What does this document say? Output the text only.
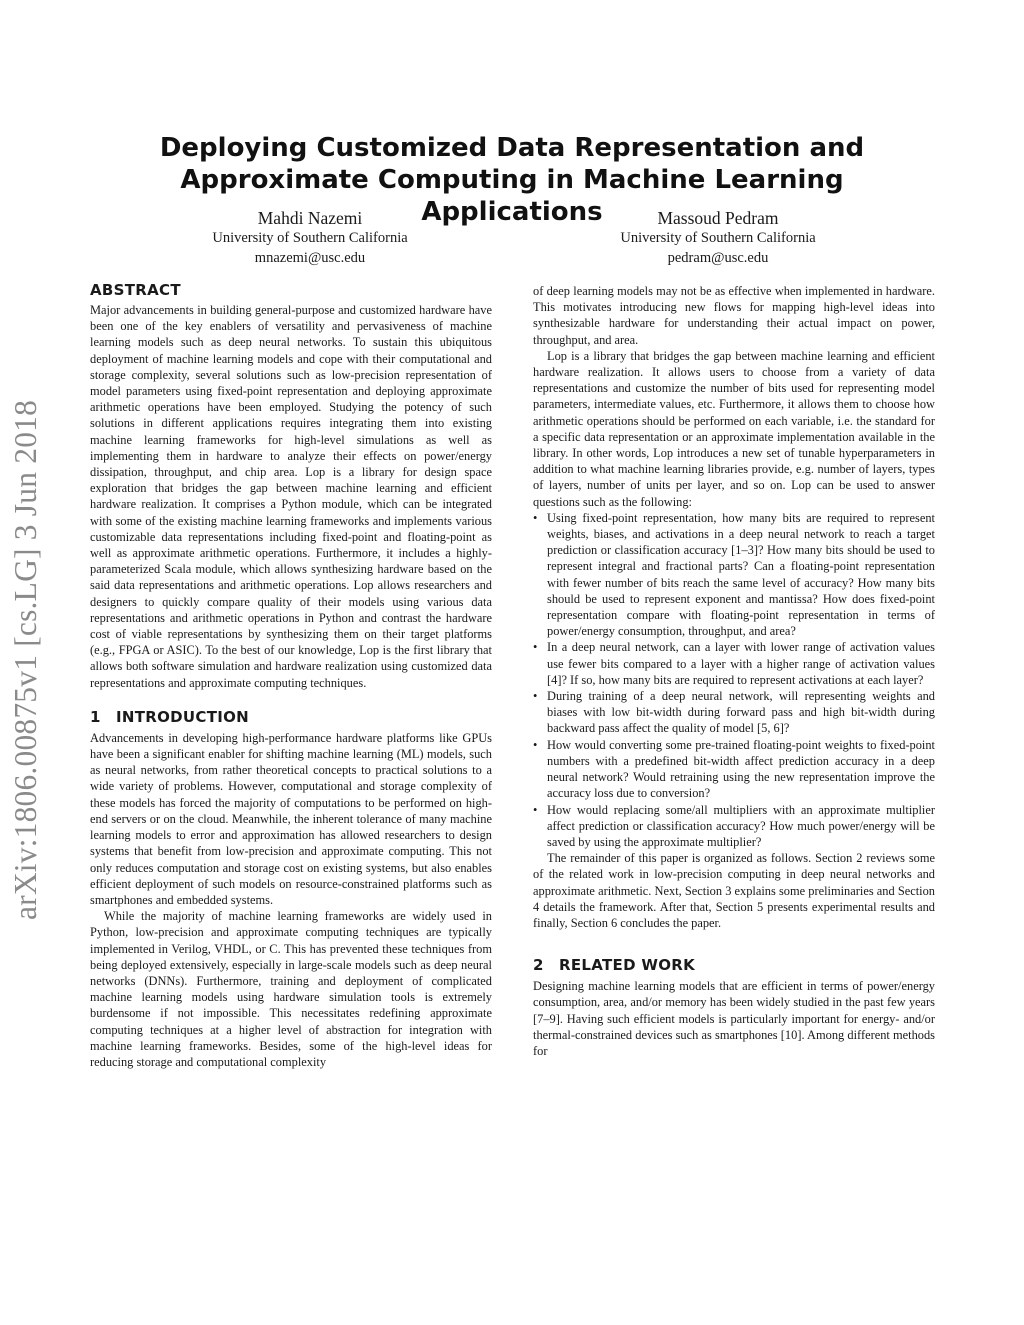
arXiv:1806.00875v1 [cs.LG] 3 Jun 2018
Deploying Customized Data Representation and Approximate Computing in Machine Learning Applications
Mahdi Nazemi
University of Southern California
mnazemi@usc.edu
Massoud Pedram
University of Southern California
pedram@usc.edu
ABSTRACT

Major advancements in building general-purpose and customized hardware have been one of the key enablers of versatility and pervasiveness of machine learning models such as deep neural networks. To sustain this ubiquitous deployment of machine learning models and cope with their computational and storage complexity, several solutions such as low-precision representation of model parameters using fixed-point representation and deploying approximate arithmetic operations have been employed. Studying the potency of such solutions in different applications requires integrating them into existing machine learning frameworks for high-level simulations as well as implementing them in hardware to analyze their effects on power/energy dissipation, throughput, and chip area. Lop is a library for design space exploration that bridges the gap between machine learning and efficient hardware realization. It comprises a Python module, which can be integrated with some of the existing machine learning frameworks and implements various customizable data representations including fixed-point and floating-point as well as approximate arithmetic operations. Furthermore, it includes a highly-parameterized Scala module, which allows synthesizing hardware based on the said data representations and arithmetic operations. Lop allows researchers and designers to quickly compare quality of their models using various data representations and arithmetic operations in Python and contrast the hardware cost of viable representations by synthesizing them on their target platforms (e.g., FPGA or ASIC). To the best of our knowledge, Lop is the first library that allows both software simulation and hardware realization using customized data representations and approximate computing techniques.

1 INTRODUCTION

Advancements in developing high-performance hardware platforms like GPUs have been a significant enabler for shifting machine learning (ML) models, such as neural networks, from rather theoretical concepts to practical solutions to a wide variety of problems. However, computational and storage complexity of these models has forced the majority of computations to be performed on high-end servers or on the cloud. Meanwhile, the inherent tolerance of many machine learning models to error and approximation has allowed researchers to design systems that benefit from low-precision and approximate computing. This not only reduces computation and storage cost on existing systems, but also enables efficient deployment of such models on resource-constrained platforms such as smartphones and embedded systems.

While the majority of machine learning frameworks are widely used in Python, low-precision and approximate computing techniques are typically implemented in Verilog, VHDL, or C. This has prevented these techniques from being deployed extensively, especially in large-scale models such as deep neural networks (DNNs). Furthermore, training and deployment of complicated machine learning models using hardware simulation tools is extremely burdensome if not impossible. This necessitates redefining approximate computing techniques at a higher level of abstraction for integration with machine learning frameworks. Besides, some of the high-level ideas for reducing storage and computational complexity

of deep learning models may not be as effective when implemented in hardware. This motivates introducing new flows for mapping high-level ideas into synthesizable hardware for understanding their actual impact on power, throughput, and area.

Lop is a library that bridges the gap between machine learning and efficient hardware realization. It allows users to choose from a variety of data representations and customize the number of bits used for representing model parameters, intermediate values, etc. Furthermore, it allows them to choose how arithmetic operations should be performed on each variable, i.e. the standard for a specific data representation or an approximate implementation available in the library. In other words, Lop introduces a new set of tunable hyperparameters in addition to what machine learning libraries provide, e.g. number of layers, types of layers, number of units per layer, and so on. Lop can be used to answer questions such as the following:

• Using fixed-point representation, how many bits are required to represent weights, biases, and activations in a deep neural network to reach a target prediction or classification accuracy [1–3]? How many bits should be used to represent integral and fractional parts? Can a floating-point representation with fewer number of bits reach the same level of accuracy? How many bits should be used to represent exponent and mantissa? How does fixed-point representation compare with floating-point representation in terms of power/energy consumption, throughput, and area?
• In a deep neural network, can a layer with lower range of activation values use fewer bits compared to a layer with a higher range of activation values [4]? If so, how many bits are required to represent activations at each layer?
• During training of a deep neural network, will representing weights and biases with low bit-width during forward pass and high bit-width during backward pass affect the quality of model [5, 6]?
• How would converting some pre-trained floating-point weights to fixed-point numbers with a predefined bit-width affect prediction accuracy in a deep neural network? Would retraining using the new representation improve the accuracy loss due to conversion?
• How would replacing some/all multipliers with an approximate multiplier affect prediction or classification accuracy? How much power/energy will be saved by using the approximate multiplier?

The remainder of this paper is organized as follows. Section 2 reviews some of the related work in low-precision computing in deep neural networks and approximate arithmetic. Next, Section 3 explains some preliminaries and Section 4 details the framework. After that, Section 5 presents experimental results and finally, Section 6 concludes the paper.

2 RELATED WORK

Designing machine learning models that are efficient in terms of power/energy consumption, area, and/or memory has been widely studied in the past few years [7–9]. Having such efficient models is particularly important for energy- and/or thermal-constrained devices such as smartphones [10]. Among different methods for
